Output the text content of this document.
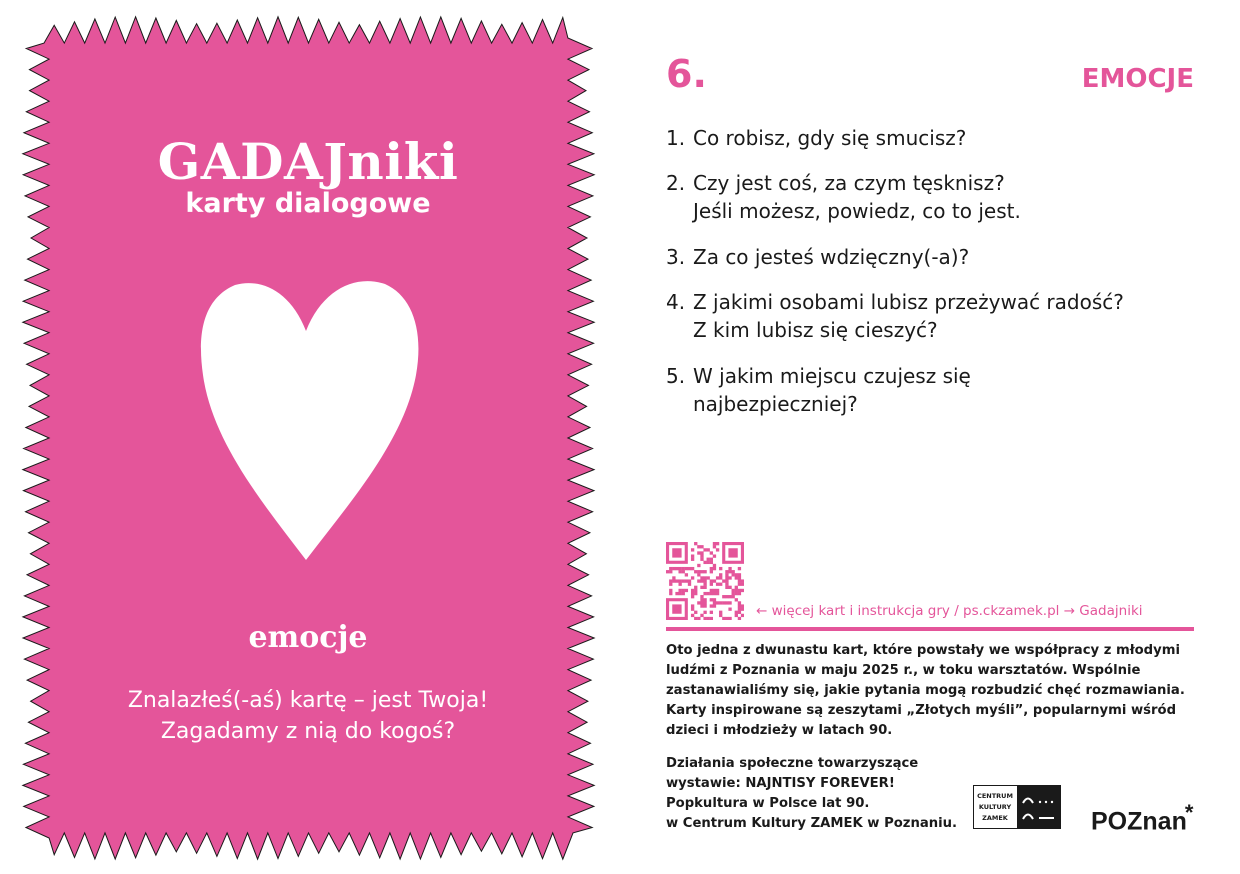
GADAJniki
karty dialogowe
emocje
Znalazłeś(-aś) kartę – jest Twoja!
Zagadamy z nią do kogoś?
6.	EMOCJE
1. Co robisz, gdy się smucisz?
2. Czy jest coś, za czym tęsknisz?
Jeśli możesz, powiedz, co to jest.
3. Za co jesteś wdzięczny(-a)?
4. Z jakimi osobami lubisz przeżywać radość?
Z kim lubisz się cieszyć?
5. W jakim miejscu czujesz się
najbezpieczniej?
← więcej kart i instrukcja gry / ps.ckzamek.pl → Gadajniki
Oto jedna z dwunastu kart, które powstały we współpracy z młodymi
ludźmi z Poznania w maju 2025 r., w toku warsztatów. Wspólnie
zastanawialiśmy się, jakie pytania mogą rozbudzić chęć rozmawiania.
Karty inspirowane są zeszytami „Złotych myśli”, popularnymi wśród
dzieci i młodzieży w latach 90.
Działania społeczne towarzyszące
wystawie: NAJNTISY FOREVER!
Popkultura w Polsce lat 90.
w Centrum Kultury ZAMEK w Poznaniu.
CENTRUM
KULTURY
ZAMEK	POZnan*
